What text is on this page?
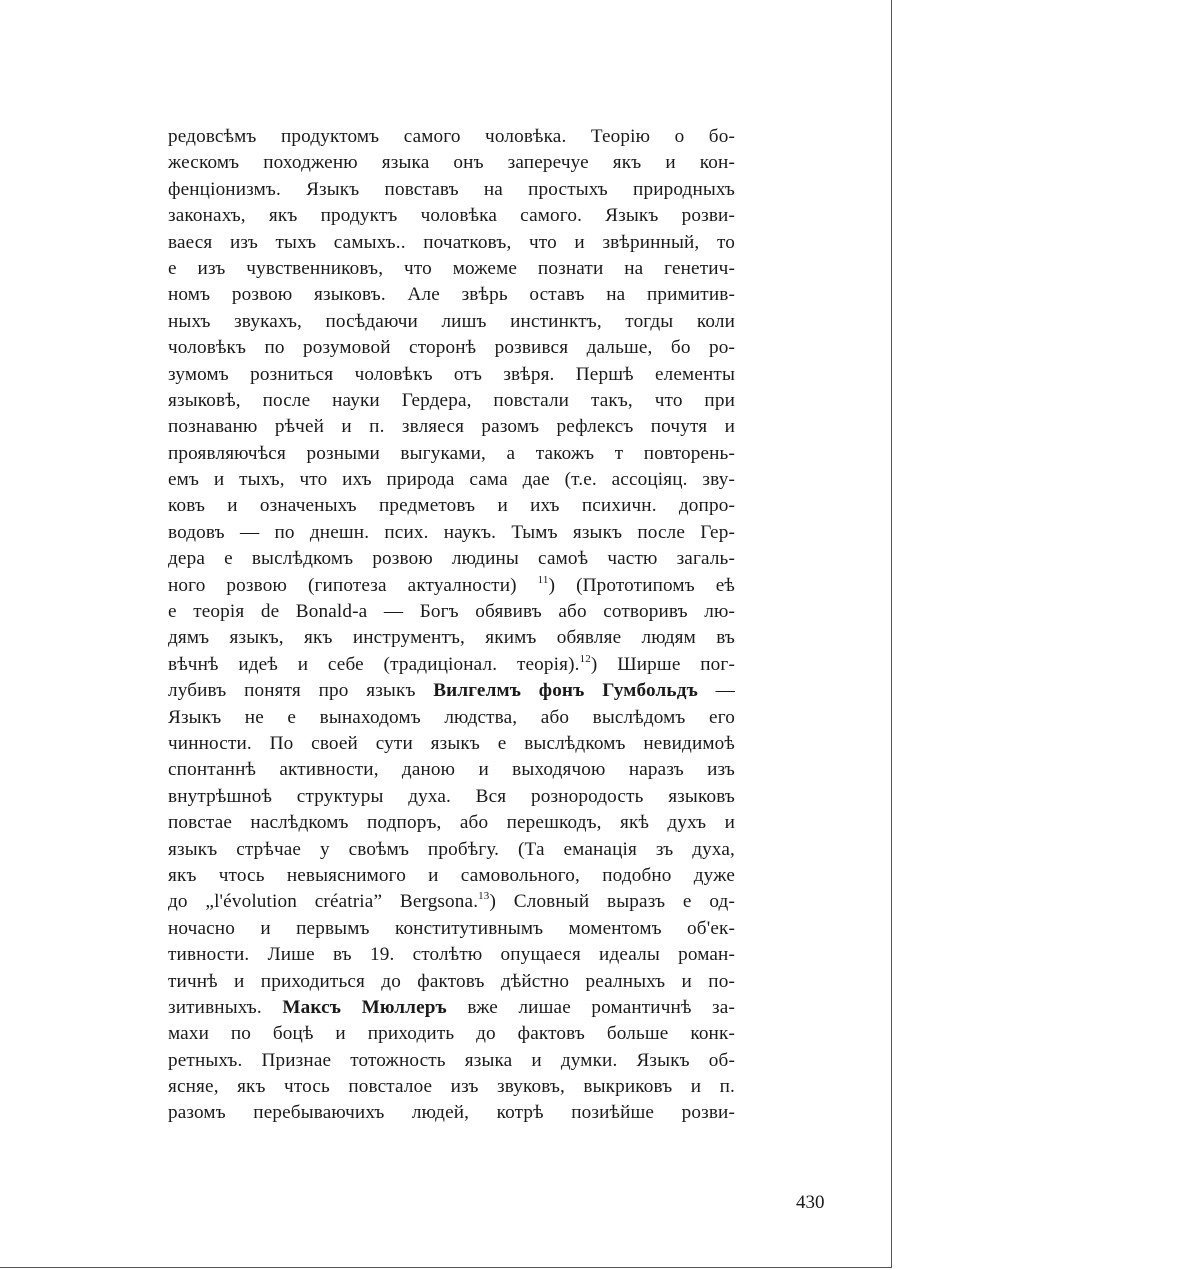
редовсѣмъ продуктомъ самого чоловѣка. Теорію о бо-
жескомъ походженю языка онъ заперечуе якъ и кон-
фенціонизмъ. Языкъ повставъ на простыхъ природныхъ
законахъ, якъ продуктъ чоловѣка самого. Языкъ розви-
ваеся изъ тыхъ самыхъ.. початковъ, что и звѣринный, то
е изъ чувственниковъ, что можеме познати на генетич-
номъ розвою языковъ. Але звѣрь оставъ на примитив-
ныхъ звукахъ, посѣдаючи лишъ инстинктъ, тогды коли
чоловѣкъ по розумовой сторонѣ розвився дальше, бо ро-
зумомъ розниться чоловѣкъ отъ звѣря. Першѣ елементы
языковѣ, после науки Гердера, повстали такъ, что при
познаваню рѣчей и п. звляеся разомъ рефлексъ почутя и
проявляючѣся розными выгуками, а такожъ т повторень-
емъ и тыхъ, что ихъ природа сама дае (т.е. ассоціяц. зву-
ковъ и означеныхъ предметовъ и ихъ психичн. допро-
водовъ — по днешн. псих. наукъ. Тымъ языкъ после Гер-
дера е выслѣдкомъ розвою людины самоѣ частю загаль-
ного розвою (гипотеза актуалности) $^{11}$) (Прототипомъ еѣ
е теорія de Bonald-a — Богъ обявивъ або сотворивъ лю-
дямъ языкъ, якъ инструментъ, якимъ обявляе людям въ
вѣчнѣ идеѣ и себе (традиціонал. теорія).$^{12}$) Ширше пог-
лубивъ понятя про языкъ Вилгелмъ фонъ Гумбольдъ —
Языкъ не е вынаходомъ людства, або выслѣдомъ его
чинности. По своей сути языкъ е выслѣдкомъ невидимоѣ
спонтаннѣ активности, даною и выходячою наразъ изъ
внутрѣшноѣ структуры духа. Вся рознородость языковъ
повстае наслѣдкомъ подпоръ, або перешкодъ, якѣ духъ и
языкъ стрѣчае у своѣмъ пробѣгу. (Та еманація зъ духа,
якъ чтось невыяснимого и самовольного, подобно дуже
до „l'évolution créatria” Bergsona.$^{13}$) Словный выразъ е од-
ночасно и первымъ конститутивнымъ моментомъ об'ек-
тивности. Лише въ 19. столѣтю опущаеся идеалы роман-
тичнѣ и приходиться до фактовъ дѣйстно реалныхъ и по-
зитивныхъ. Максъ Мюллеръ вже лишае романтичнѣ за-
махи по боцѣ и приходить до фактовъ больше конк-
ретныхъ. Признае тотожность языка и думки. Языкъ об-
ясняе, якъ чтось повсталое изъ звуковъ, выкриковъ и п.
разомъ перебываючихъ людей, котрѣ позиѣйше розви-
430
